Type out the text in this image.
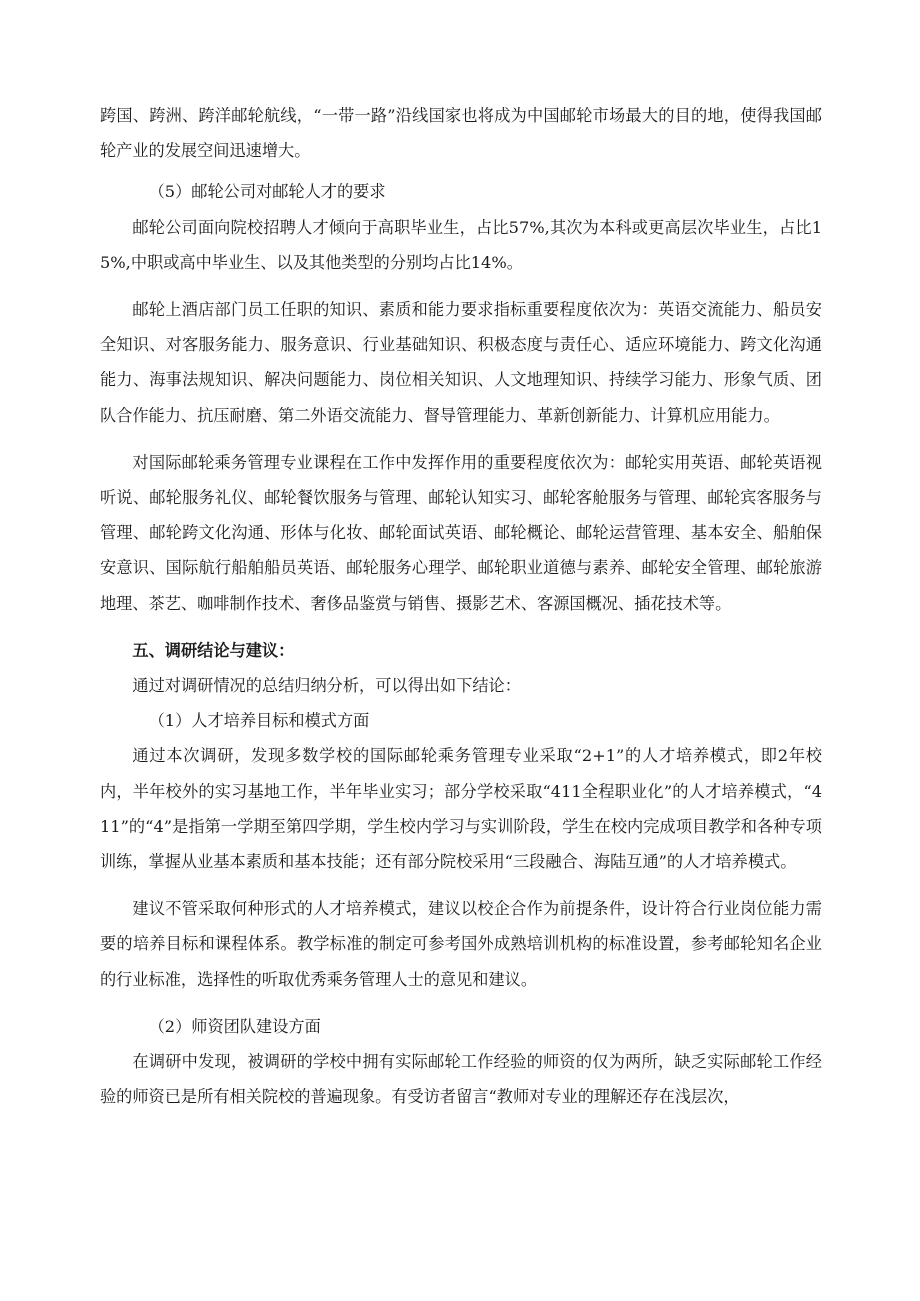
跨国、跨洲、跨洋邮轮航线，“一带一路”沿线国家也将成为中国邮轮市场最大的目的地，使得我国邮轮产业的发展空间迅速增大。

（5）邮轮公司对邮轮人才的要求

邮轮公司面向院校招聘人才倾向于高职毕业生，占比57%,其次为本科或更高层次毕业生，占比15%,中职或高中毕业生、以及其他类型的分别均占比14%。

邮轮上酒店部门员工任职的知识、素质和能力要求指标重要程度依次为：英语交流能力、船员安全知识、对客服务能力、服务意识、行业基础知识、积极态度与责任心、适应环境能力、跨文化沟通能力、海事法规知识、解决问题能力、岗位相关知识、人文地理知识、持续学习能力、形象气质、团队合作能力、抗压耐磨、第二外语交流能力、督导管理能力、革新创新能力、计算机应用能力。

对国际邮轮乘务管理专业课程在工作中发挥作用的重要程度依次为：邮轮实用英语、邮轮英语视听说、邮轮服务礼仪、邮轮餐饮服务与管理、邮轮认知实习、邮轮客舱服务与管理、邮轮宾客服务与管理、邮轮跨文化沟通、形体与化妆、邮轮面试英语、邮轮概论、邮轮运营管理、基本安全、船舶保安意识、国际航行船舶船员英语、邮轮服务心理学、邮轮职业道德与素养、邮轮安全管理、邮轮旅游地理、茶艺、咖啡制作技术、奢侈品鉴赏与销售、摄影艺术、客源国概况、插花技术等。

五、调研结论与建议：

通过对调研情况的总结归纳分析，可以得出如下结论：

（1）人才培养目标和模式方面

通过本次调研，发现多数学校的国际邮轮乘务管理专业采取“2+1”的人才培养模式，即2年校内，半年校外的实习基地工作，半年毕业实习；部分学校采取“411全程职业化”的人才培养模式，“411”的“4”是指第一学期至第四学期，学生校内学习与实训阶段，学生在校内完成项目教学和各种专项训练，掌握从业基本素质和基本技能；还有部分院校采用“三段融合、海陆互通”的人才培养模式。

建议不管采取何种形式的人才培养模式，建议以校企合作为前提条件，设计符合行业岗位能力需要的培养目标和课程体系。教学标准的制定可参考国外成熟培训机构的标准设置，参考邮轮知名企业的行业标准，选择性的听取优秀乘务管理人士的意见和建议。

（2）师资团队建设方面

在调研中发现，被调研的学校中拥有实际邮轮工作经验的师资的仅为两所，缺乏实际邮轮工作经验的师资已是所有相关院校的普遍现象。有受访者留言“教师对专业的理解还存在浅层次，
